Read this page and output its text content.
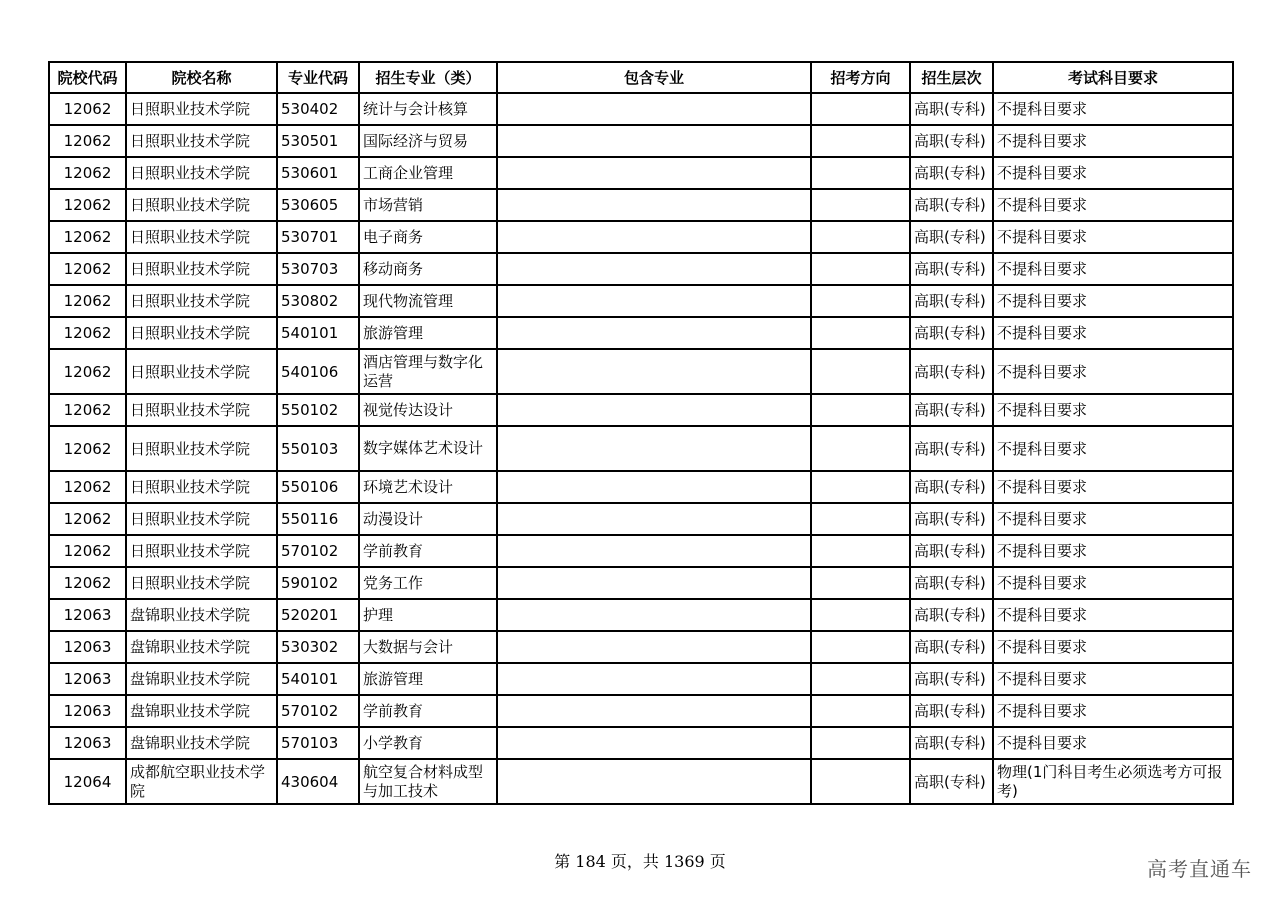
院校代码	院校名称	专业代码	招生专业（类）	包含专业	招考方向	招生层次	考试科目要求
12062	日照职业技术学院	530402	统计与会计核算			高职(专科)	不提科目要求
12062	日照职业技术学院	530501	国际经济与贸易			高职(专科)	不提科目要求
12062	日照职业技术学院	530601	工商企业管理			高职(专科)	不提科目要求
12062	日照职业技术学院	530605	市场营销			高职(专科)	不提科目要求
12062	日照职业技术学院	530701	电子商务			高职(专科)	不提科目要求
12062	日照职业技术学院	530703	移动商务			高职(专科)	不提科目要求
12062	日照职业技术学院	530802	现代物流管理			高职(专科)	不提科目要求
12062	日照职业技术学院	540101	旅游管理			高职(专科)	不提科目要求
12062	日照职业技术学院	540106	酒店管理与数字化运营			高职(专科)	不提科目要求
12062	日照职业技术学院	550102	视觉传达设计			高职(专科)	不提科目要求
12062	日照职业技术学院	550103	数字媒体艺术设计			高职(专科)	不提科目要求
12062	日照职业技术学院	550106	环境艺术设计			高职(专科)	不提科目要求
12062	日照职业技术学院	550116	动漫设计			高职(专科)	不提科目要求
12062	日照职业技术学院	570102	学前教育			高职(专科)	不提科目要求
12062	日照职业技术学院	590102	党务工作			高职(专科)	不提科目要求
12063	盘锦职业技术学院	520201	护理			高职(专科)	不提科目要求
12063	盘锦职业技术学院	530302	大数据与会计			高职(专科)	不提科目要求
12063	盘锦职业技术学院	540101	旅游管理			高职(专科)	不提科目要求
12063	盘锦职业技术学院	570102	学前教育			高职(专科)	不提科目要求
12063	盘锦职业技术学院	570103	小学教育			高职(专科)	不提科目要求
12064	成都航空职业技术学院	430604	航空复合材料成型与加工技术			高职(专科)	物理(1门科目考生必须选考方可报考)
第 184 页，共 1369 页	高考直通车
